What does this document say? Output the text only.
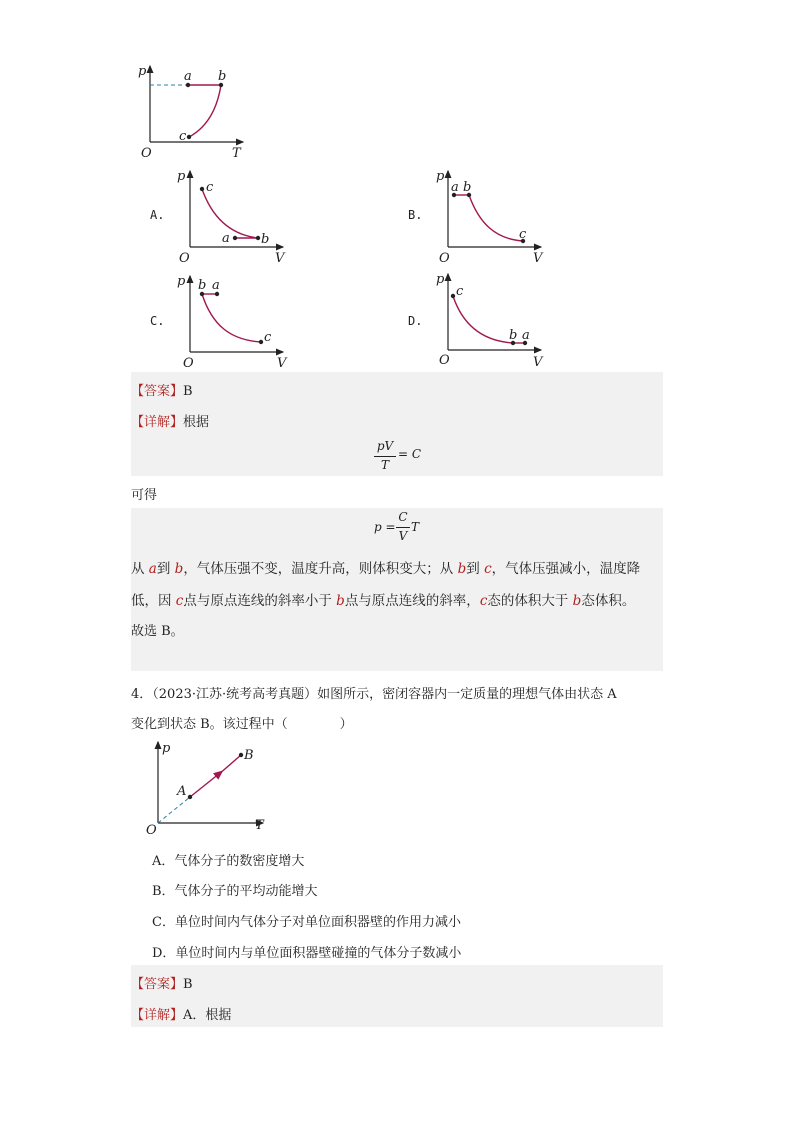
p
T
O
a b
c
A.
p
V
O
c
a b
B.
p
V
O
a b
c
C.
p
V
O
b a
c
D.
p
V
O
c
b a
【答案】B
【详解】根据
pV
T
= C
可得
p =
C
V
T
从 a到 b，气体压强不变，温度升高，则体积变大；从 b到 c，气体压强减小，温度降
低，因 c点与原点连线的斜率小于 b点与原点连线的斜率，c态的体积大于 b态体积。
故选 B。
4．（2023·江苏·统考高考真题）如图所示，密闭容器内一定质量的理想气体由状态 A
变化到状态 B。该过程中（　　　　）
p
T
O
A
B
A．气体分子的数密度增大
B．气体分子的平均动能增大
C．单位时间内气体分子对单位面积器壁的作用力减小
D．单位时间内与单位面积器壁碰撞的气体分子数减小
【答案】B
【详解】A．根据
